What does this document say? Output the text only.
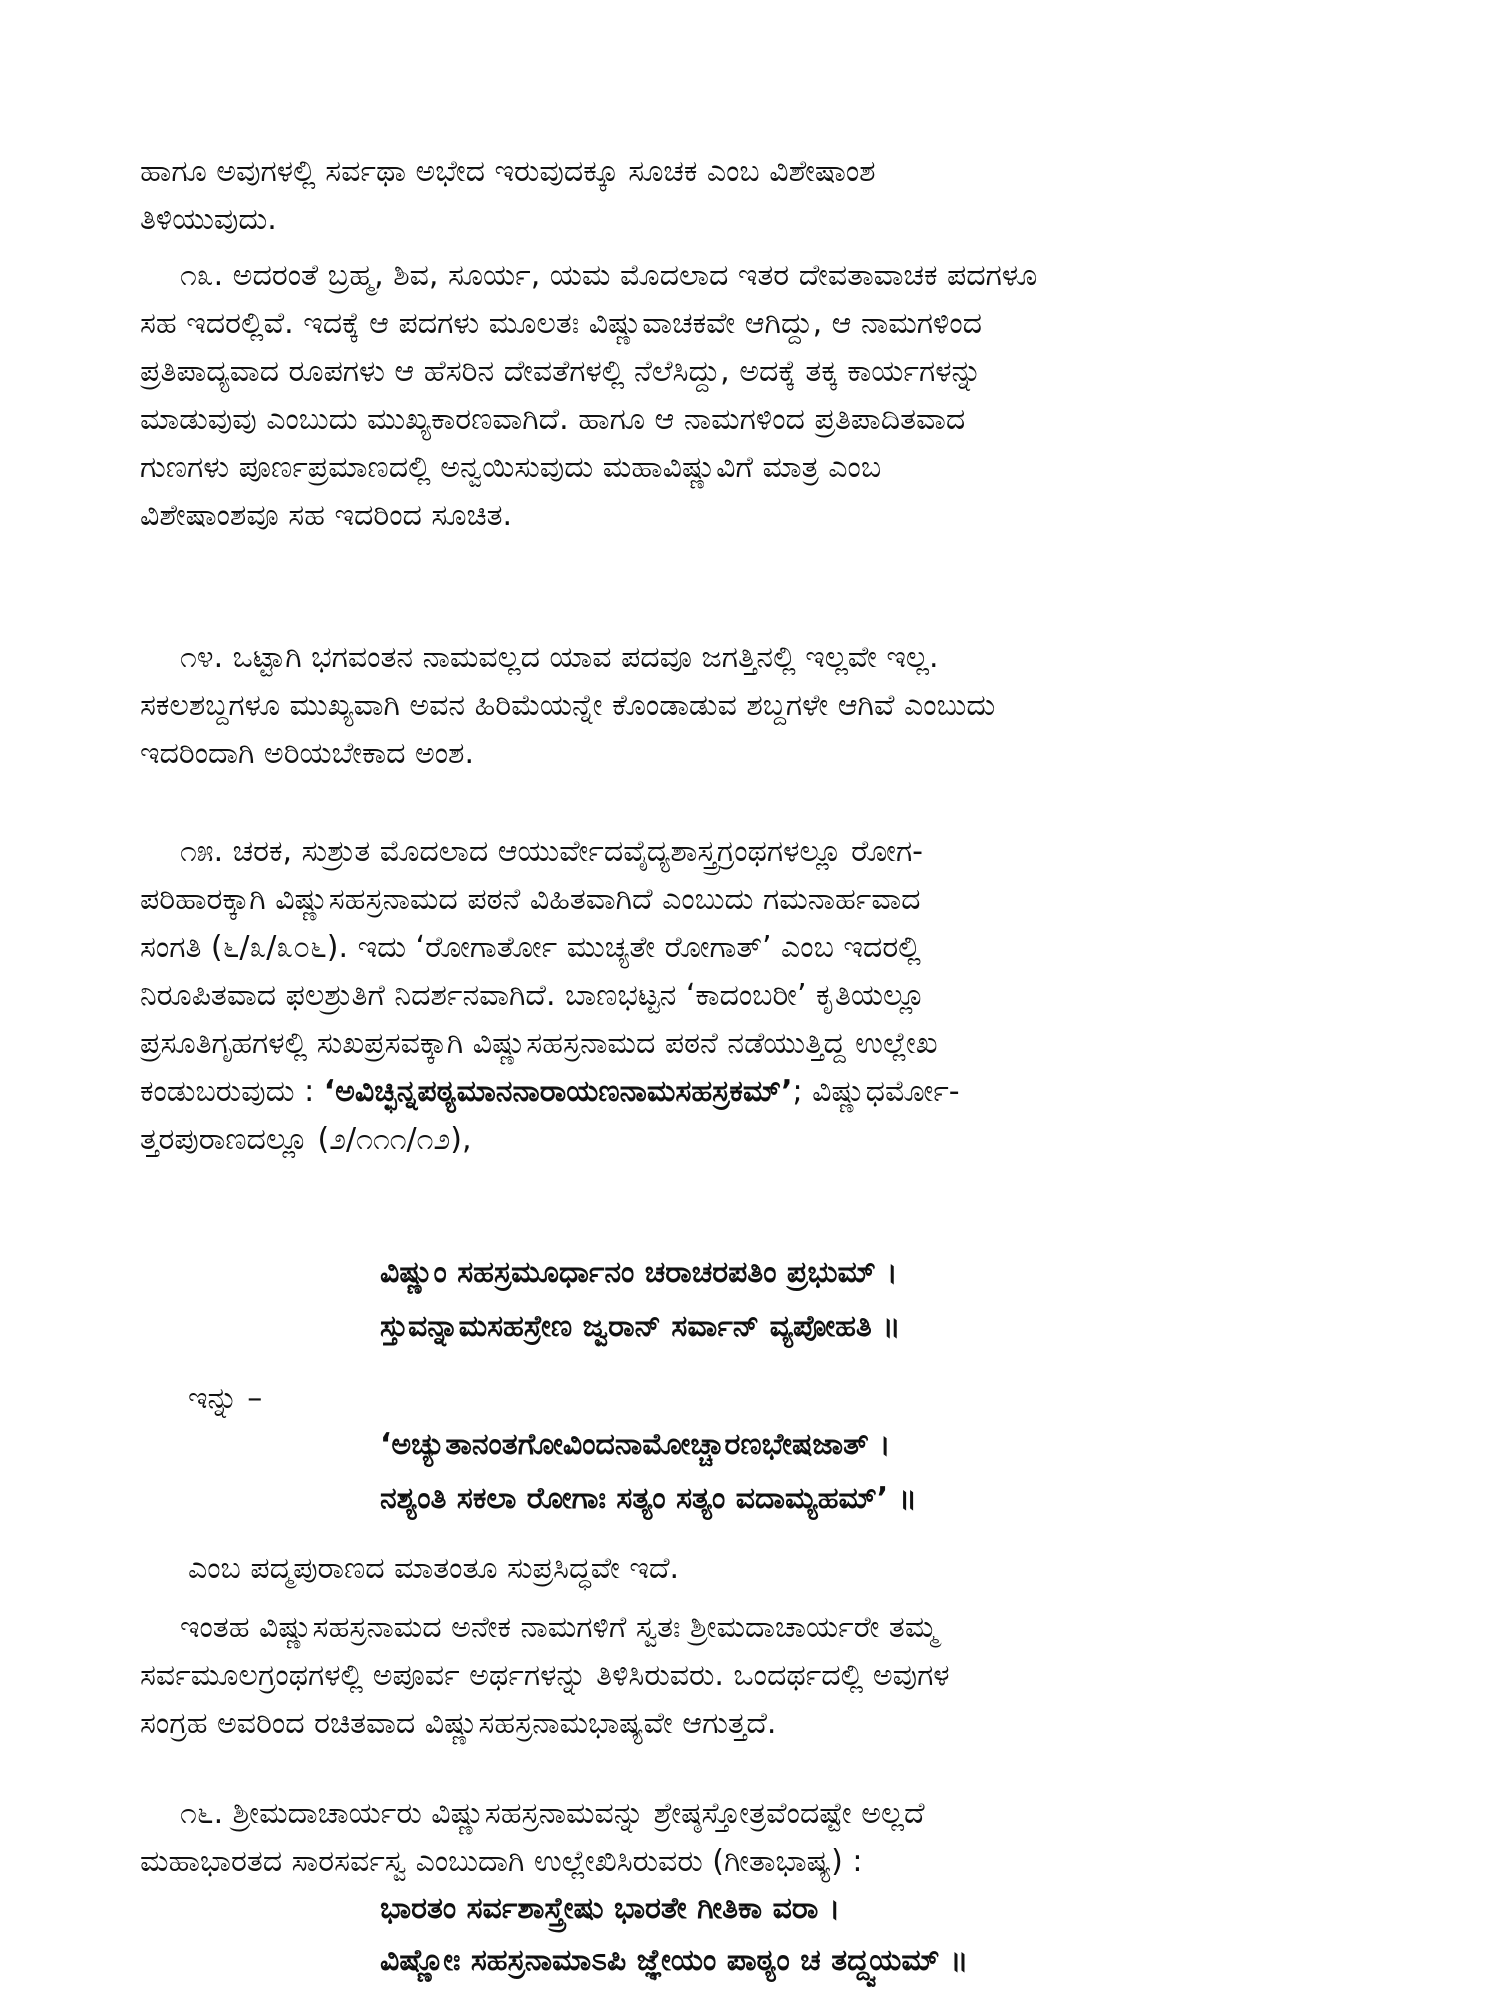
ಹಾಗೂ ಅವುಗಳಲ್ಲಿ ಸರ್ವಥಾ ಅಭೇದ ಇರುವುದಕ್ಕೂ ಸೂಚಕ ಎಂಬ ವಿಶೇಷಾಂಶ
ತಿಳಿಯುವುದು.
೧೩. ಅದರಂತೆ ಬ್ರಹ್ಮ, ಶಿವ, ಸೂರ್ಯ, ಯಮ ಮೊದಲಾದ ಇತರ ದೇವತಾವಾಚಕ ಪದಗಳೂ
ಸಹ ಇದರಲ್ಲಿವೆ. ಇದಕ್ಕೆ ಆ ಪದಗಳು ಮೂಲತಃ ವಿಷ್ಣುವಾಚಕವೇ ಆಗಿದ್ದು, ಆ ನಾಮಗಳಿಂದ
ಪ್ರತಿಪಾದ್ಯವಾದ ರೂಪಗಳು ಆ ಹೆಸರಿನ ದೇವತೆಗಳಲ್ಲಿ ನೆಲೆಸಿದ್ದು, ಅದಕ್ಕೆ ತಕ್ಕ ಕಾರ್ಯಗಳನ್ನು
ಮಾಡುವುವು ಎಂಬುದು ಮುಖ್ಯಕಾರಣವಾಗಿದೆ. ಹಾಗೂ ಆ ನಾಮಗಳಿಂದ ಪ್ರತಿಪಾದಿತವಾದ
ಗುಣಗಳು ಪೂರ್ಣಪ್ರಮಾಣದಲ್ಲಿ ಅನ್ವಯಿಸುವುದು ಮಹಾವಿಷ್ಣುವಿಗೆ ಮಾತ್ರ ಎಂಬ
ವಿಶೇಷಾಂಶವೂ ಸಹ ಇದರಿಂದ ಸೂಚಿತ.
೧೪. ಒಟ್ಟಾಗಿ ಭಗವಂತನ ನಾಮವಲ್ಲದ ಯಾವ ಪದವೂ ಜಗತ್ತಿನಲ್ಲಿ ಇಲ್ಲವೇ ಇಲ್ಲ.
ಸಕಲಶಬ್ದಗಳೂ ಮುಖ್ಯವಾಗಿ ಅವನ ಹಿರಿಮೆಯನ್ನೇ ಕೊಂಡಾಡುವ ಶಬ್ದಗಳೇ ಆಗಿವೆ ಎಂಬುದು
ಇದರಿಂದಾಗಿ ಅರಿಯಬೇಕಾದ ಅಂಶ.
೧೫. ಚರಕ, ಸುಶ್ರುತ ಮೊದಲಾದ ಆಯುರ್ವೇದವೈದ್ಯಶಾಸ್ತ್ರಗ್ರಂಥಗಳಲ್ಲೂ ರೋಗ-
ಪರಿಹಾರಕ್ಕಾಗಿ ವಿಷ್ಣುಸಹಸ್ರನಾಮದ ಪಠನೆ ವಿಹಿತವಾಗಿದೆ ಎಂಬುದು ಗಮನಾರ್ಹವಾದ
ಸಂಗತಿ (೬/೩/೩೦೬). ಇದು ‘ರೋಗಾರ್ತೋ ಮುಚ್ಯತೇ ರೋಗಾತ್’ ಎಂಬ ಇದರಲ್ಲಿ
ನಿರೂಪಿತವಾದ ಫಲಶ್ರುತಿಗೆ ನಿದರ್ಶನವಾಗಿದೆ. ಬಾಣಭಟ್ಟನ ‘ಕಾದಂಬರೀ’ ಕೃತಿಯಲ್ಲೂ
ಪ್ರಸೂತಿಗೃಹಗಳಲ್ಲಿ ಸುಖಪ್ರಸವಕ್ಕಾಗಿ ವಿಷ್ಣುಸಹಸ್ರನಾಮದ ಪಠನೆ ನಡೆಯುತ್ತಿದ್ದ ಉಲ್ಲೇಖ
ಕಂಡುಬರುವುದು : ‘ಅವಿಚ್ಛಿನ್ನಪಠ್ಯಮಾನನಾರಾಯಣನಾಮಸಹಸ್ರಕಮ್’; ವಿಷ್ಣುಧರ್ಮೋ-
ತ್ತರಪುರಾಣದಲ್ಲೂ (೨/೧೧೧/೧೨),
ವಿಷ್ಣುಂ ಸಹಸ್ರಮೂರ್ಧಾನಂ ಚರಾಚರಪತಿಂ ಪ್ರಭುಮ್ ।
ಸ್ತುವನ್ನಾಮಸಹಸ್ರೇಣ ಜ್ವರಾನ್ ಸರ್ವಾನ್ ವ್ಯಪೋಹತಿ ॥
ಇನ್ನು –
‘ಅಚ್ಯುತಾನಂತಗೋವಿಂದನಾಮೋಚ್ಚಾರಣಭೇಷಜಾತ್ ।
ನಶ್ಯಂತಿ ಸಕಲಾ ರೋಗಾಃ ಸತ್ಯಂ ಸತ್ಯಂ ವದಾಮ್ಯಹಮ್’ ॥
ಎಂಬ ಪದ್ಮಪುರಾಣದ ಮಾತಂತೂ ಸುಪ್ರಸಿದ್ಧವೇ ಇದೆ.
ಇಂತಹ ವಿಷ್ಣುಸಹಸ್ರನಾಮದ ಅನೇಕ ನಾಮಗಳಿಗೆ ಸ್ವತಃ ಶ್ರೀಮದಾಚಾರ್ಯರೇ ತಮ್ಮ
ಸರ್ವಮೂಲಗ್ರಂಥಗಳಲ್ಲಿ ಅಪೂರ್ವ ಅರ್ಥಗಳನ್ನು ತಿಳಿಸಿರುವರು. ಒಂದರ್ಥದಲ್ಲಿ ಅವುಗಳ
ಸಂಗ್ರಹ ಅವರಿಂದ ರಚಿತವಾದ ವಿಷ್ಣುಸಹಸ್ರನಾಮಭಾಷ್ಯವೇ ಆಗುತ್ತದೆ.
೧೬. ಶ್ರೀಮದಾಚಾರ್ಯರು ವಿಷ್ಣುಸಹಸ್ರನಾಮವನ್ನು ಶ್ರೇಷ್ಠಸ್ತೋತ್ರವೆಂದಷ್ಟೇ ಅಲ್ಲದೆ
ಮಹಾಭಾರತದ ಸಾರಸರ್ವಸ್ವ ಎಂಬುದಾಗಿ ಉಲ್ಲೇಖಿಸಿರುವರು (ಗೀತಾಭಾಷ್ಯ) :
ಭಾರತಂ ಸರ್ವಶಾಸ್ತ್ರೇಷು ಭಾರತೇ ಗೀತಿಕಾ ವರಾ ।
ವಿಷ್ಣೋಃ ಸಹಸ್ರನಾಮಾಽಪಿ ಜ್ಞೇಯಂ ಪಾಠ್ಯಂ ಚ ತದ್ದ್ವಯಮ್ ॥
